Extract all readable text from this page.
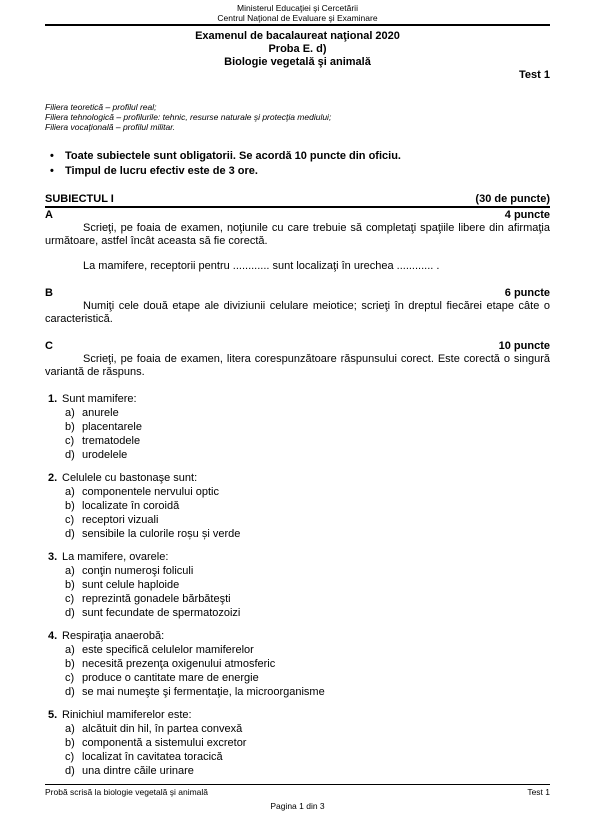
Ministerul Educaţiei şi Cercetării
Centrul Naţional de Evaluare şi Examinare
Examenul de bacalaureat naţional 2020
Proba E. d)
Biologie vegetală şi animală
Test 1
Filiera teoretică – profilul real;
Filiera tehnologică – profilurile: tehnic, resurse naturale şi protecţia mediului;
Filiera vocaţională – profilul militar.
•	Toate subiectele sunt obligatorii. Se acordă 10 puncte din oficiu.
•	Timpul de lucru efectiv este de 3 ore.
SUBIECTUL I	(30 de puncte)
A	4 puncte

Scrieţi, pe foaia de examen, noţiunile cu care trebuie să completaţi spaţiile libere din afirmaţia următoare, astfel încât aceasta să fie corectă.

La mamifere, receptorii pentru ............ sunt localizaţi în urechea ............ .

B	6 puncte

Numiţi cele două etape ale diviziunii celulare meiotice; scrieţi în dreptul fiecărei etape câte o caracteristică.

C	10 puncte

Scrieţi, pe foaia de examen, litera corespunzătoare răspunsului corect. Este corectă o singură variantă de răspuns.

1. Sunt mamifere:
a) anurele
b) placentarele
c) trematodele
d) urodelele
2. Celulele cu bastonaşe sunt:
a) componentele nervului optic
b) localizate în coroidă
c) receptori vizuali
d) sensibile la culorile roșu și verde
3. La mamifere, ovarele:
a) conţin numeroşi foliculi
b) sunt celule haploide
c) reprezintă gonadele bărbăteşti
d) sunt fecundate de spermatozoizi
4. Respiraţia anaerobă:
a) este specifică celulelor mamiferelor
b) necesită prezenţa oxigenului atmosferic
c) produce o cantitate mare de energie
d) se mai numeşte şi fermentaţie, la microorganisme
5. Rinichiul mamiferelor este:
a) alcătuit din hil, în partea convexă
b) componentă a sistemului excretor
c) localizat în cavitatea toracică
d) una dintre căile urinare
Probă scrisă la biologie vegetală şi animală	Test 1
Pagina 1 din 3
